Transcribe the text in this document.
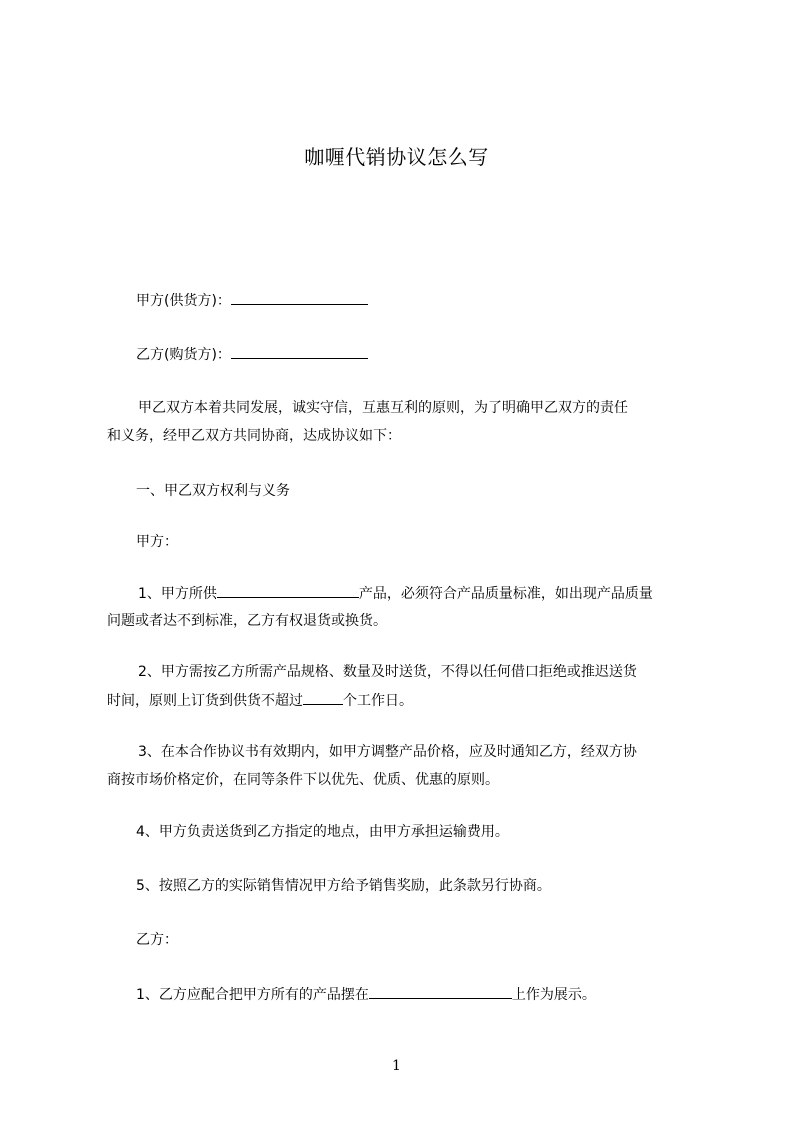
咖喱代销协议怎么写
甲方(供货方)：
乙方(购货方)：
甲乙双方本着共同发展，诚实守信，互惠互利的原则，为了明确甲乙双方的责任
和义务，经甲乙双方共同协商，达成协议如下：
一、甲乙双方权利与义务
甲方：
1、甲方所供	产品，必须符合产品质量标准，如出现产品质量
问题或者达不到标准，乙方有权退货或换货。
2、甲方需按乙方所需产品规格、数量及时送货，不得以任何借口拒绝或推迟送货
时间，原则上订货到供货不超过	个工作日。
3、在本合作协议书有效期内，如甲方调整产品价格，应及时通知乙方，经双方协
商按市场价格定价，在同等条件下以优先、优质、优惠的原则。
4、甲方负责送货到乙方指定的地点，由甲方承担运输费用。
5、按照乙方的实际销售情况甲方给予销售奖励，此条款另行协商。
乙方：
1、乙方应配合把甲方所有的产品摆在	上作为展示。
1
